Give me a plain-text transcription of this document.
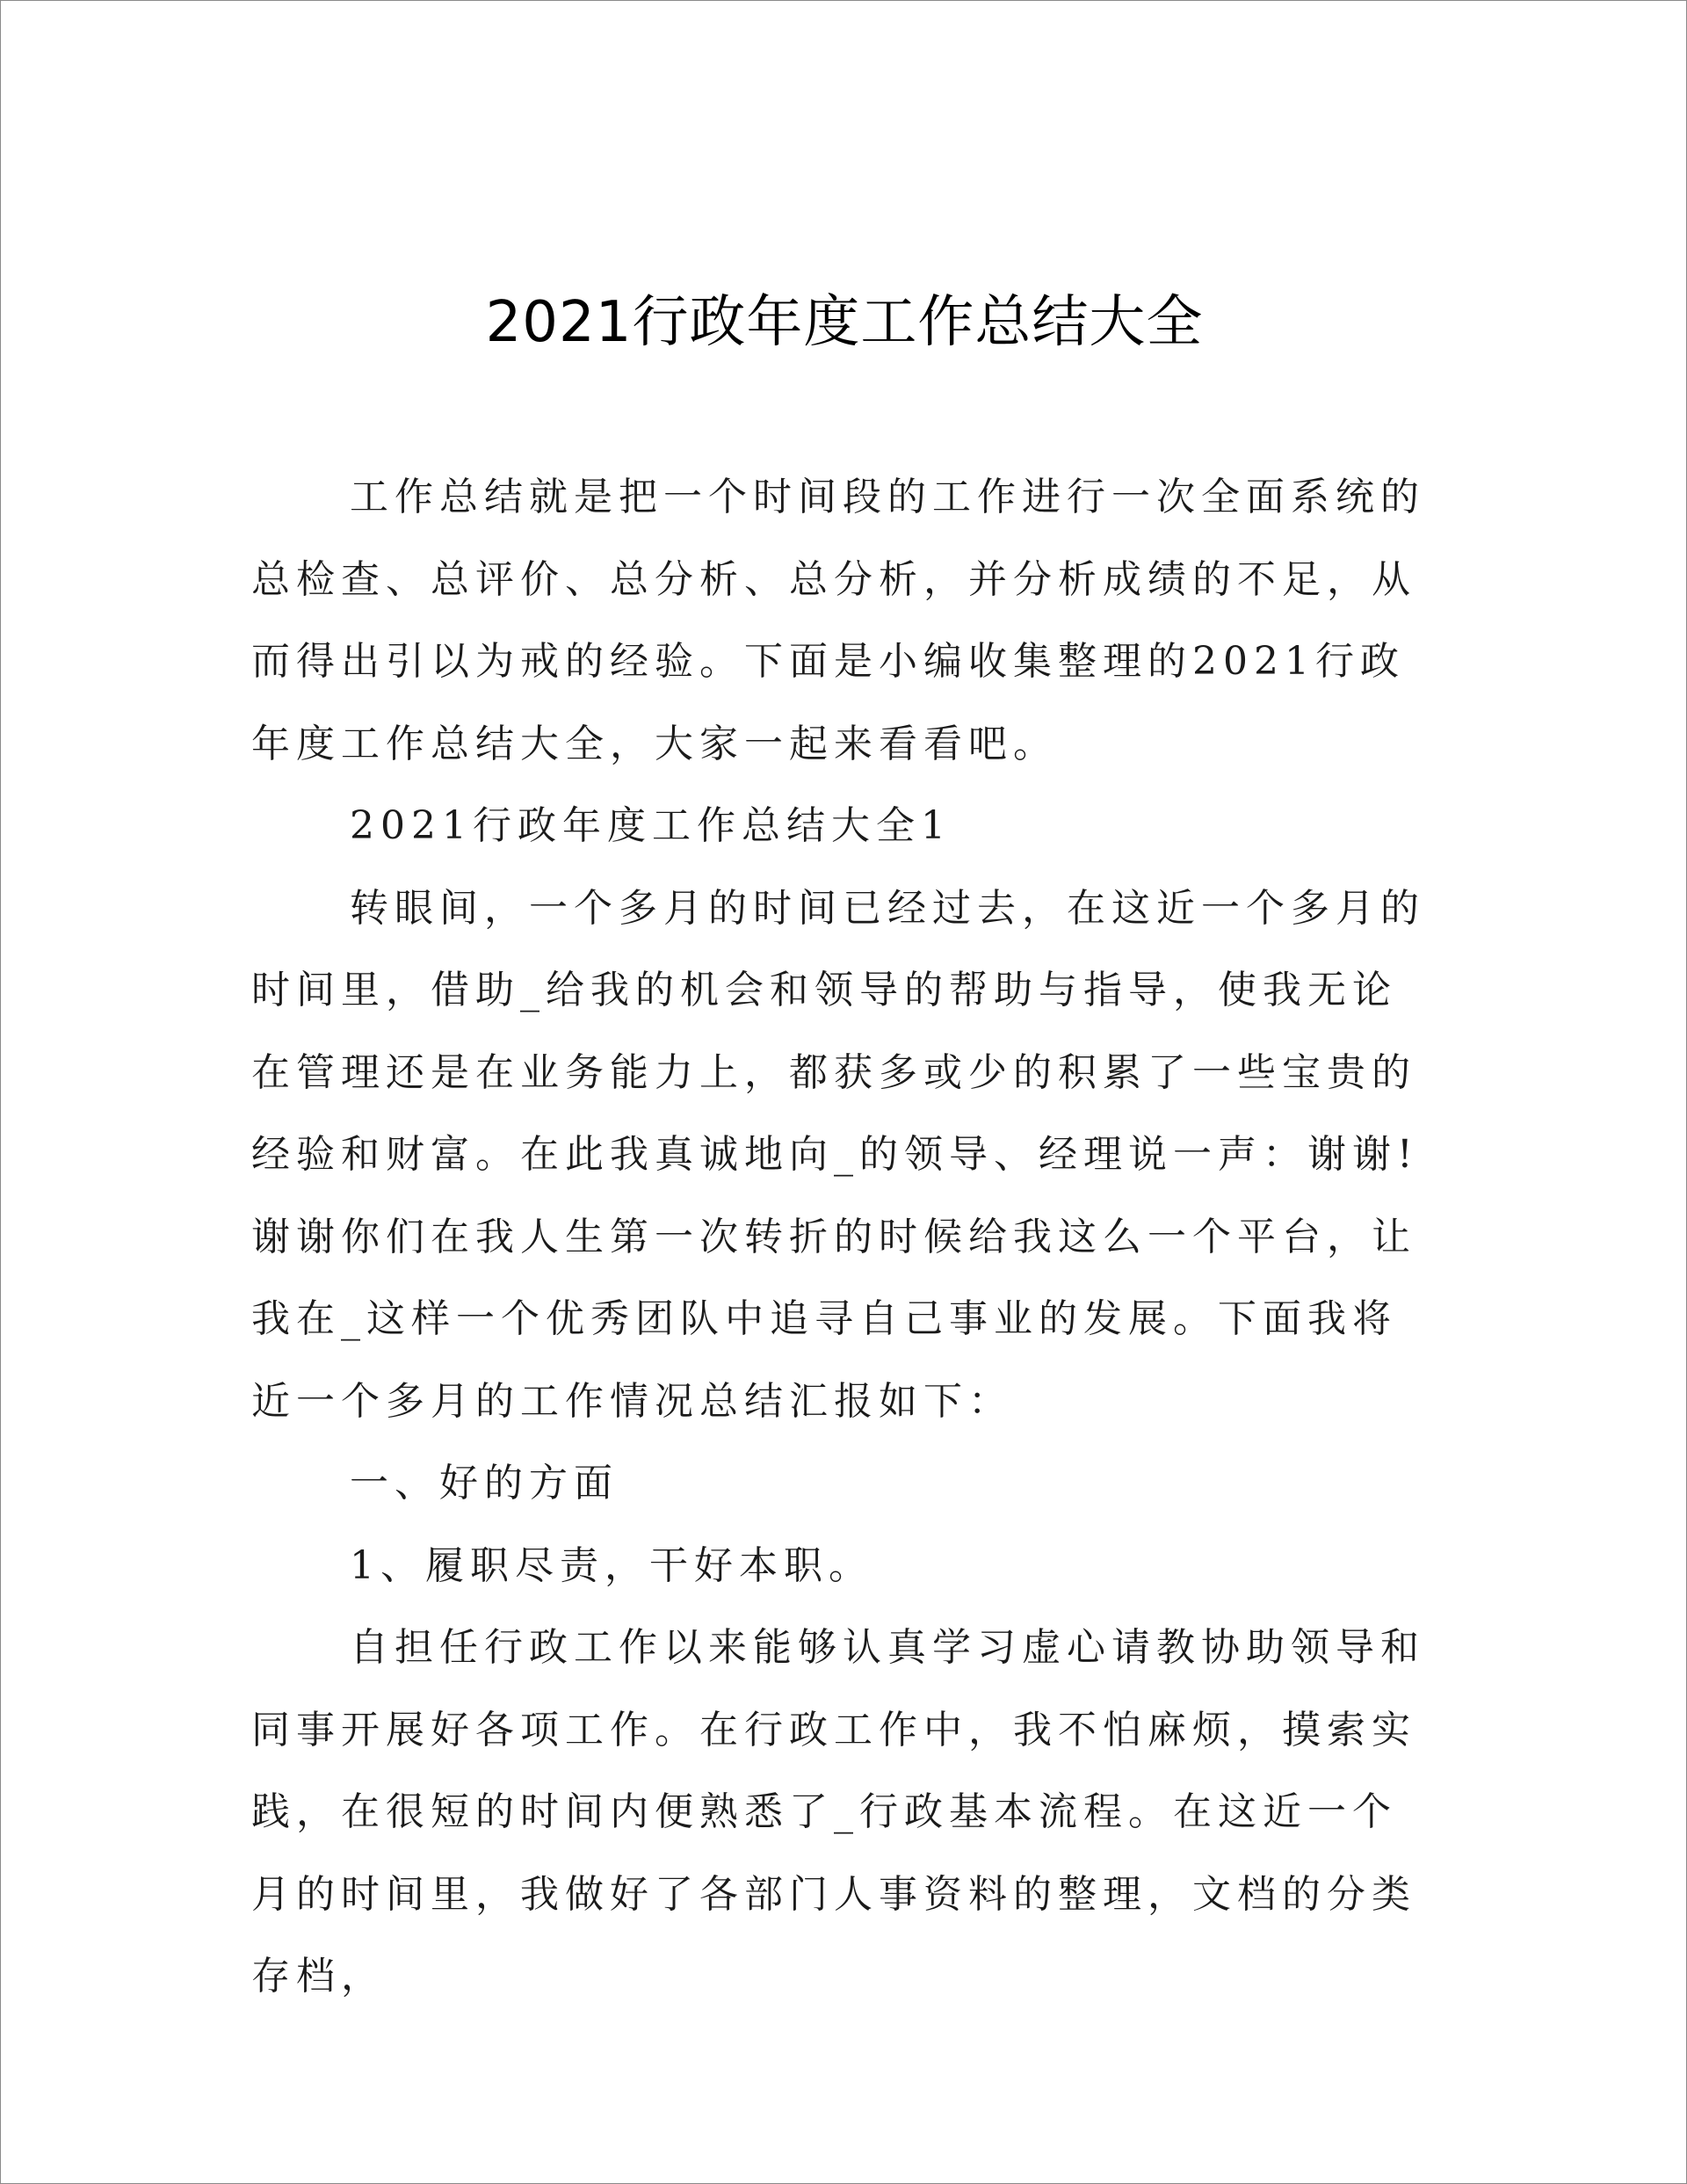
2021行政年度工作总结大全

工作总结就是把一个时间段的工作进行一次全面系统的总检查、总评价、总分析、总分析，并分析成绩的不足，从而得出引以为戒的经验。下面是小编收集整理的2021行政年度工作总结大全，大家一起来看看吧。

2021行政年度工作总结大全1

转眼间，一个多月的时间已经过去，在这近一个多月的时间里，借助_给我的机会和领导的帮助与指导，使我无论在管理还是在业务能力上，都获多或少的积累了一些宝贵的经验和财富。在此我真诚地向_的领导、经理说一声：谢谢!谢谢你们在我人生第一次转折的时候给我这么一个平台，让我在_这样一个优秀团队中追寻自己事业的发展。下面我将近一个多月的工作情况总结汇报如下：

一、好的方面

1、履职尽责，干好本职。

自担任行政工作以来能够认真学习虚心请教协助领导和同事开展好各项工作。在行政工作中，我不怕麻烦，摸索实践，在很短的时间内便熟悉了_行政基本流程。在这近一个月的时间里，我做好了各部门人事资料的整理，文档的分类存档，
